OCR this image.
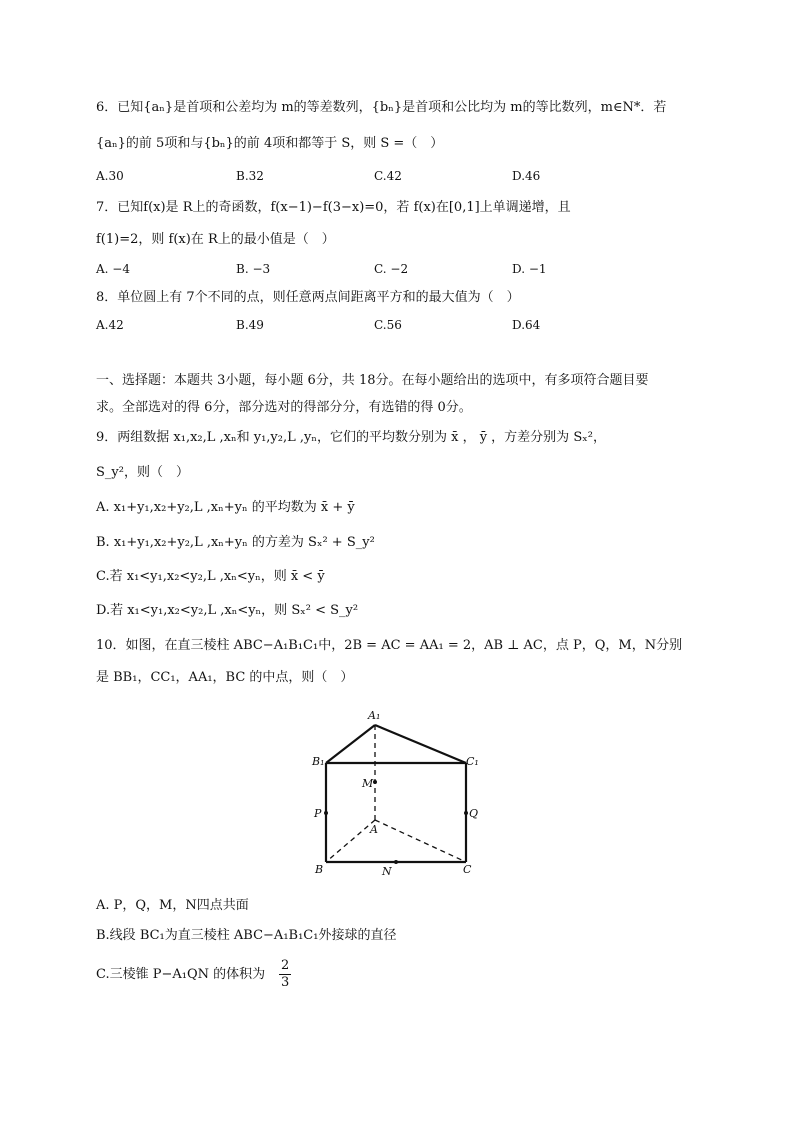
6．已知{aₙ}是首项和公差均为 m的等差数列，{bₙ}是首项和公比均为 m的等比数列，m∈N*．若
{aₙ}的前 5项和与{bₙ}的前 4项和都等于 S，则 S =（　）
A.30	B.32	C.42	D.46
7．已知f(x)是 R上的奇函数，f(x−1)−f(3−x)=0，若 f(x)在[0,1]上单调递增，且
f(1)=2，则 f(x)在 R上的最小值是（　）
A. −4	B. −3	C. −2	D. −1
8．单位圆上有 7个不同的点，则任意两点间距离平方和的最大值为（　）
A.42	B.49	C.56	D.64
一、选择题：本题共 3小题，每小题 6分，共 18分。在每小题给出的选项中，有多项符合题目要
求。全部选对的得 6分，部分选对的得部分分，有选错的得 0分。
9．两组数据 x₁,x₂,L ,xₙ和 y₁,y₂,L ,yₙ，它们的平均数分别为 x̄ ， ȳ ，方差分别为 Sₓ²，
S_y²，则（　）
A. x₁+y₁,x₂+y₂,L ,xₙ+yₙ 的平均数为 x̄ + ȳ
B. x₁+y₁,x₂+y₂,L ,xₙ+yₙ 的方差为 Sₓ² + S_y²
C.若 x₁<y₁,x₂<y₂,L ,xₙ<yₙ，则 x̄ < ȳ
D.若 x₁<y₁,x₂<y₂,L ,xₙ<yₙ，则 Sₓ² < S_y²
10．如图，在直三棱柱 ABC−A₁B₁C₁中，2B = AC = AA₁ = 2，AB ⊥ AC，点 P，Q，M，N分别
是 BB₁，CC₁，AA₁，BC 的中点，则（　）
A₁
B₁	C₁
M
P	Q
A
B	N	C
A. P，Q，M，N四点共面
B.线段 BC₁为直三棱柱 ABC−A₁B₁C₁外接球的直径
C.三棱锥 P−A₁QN 的体积为 $\frac{2}{3}$
